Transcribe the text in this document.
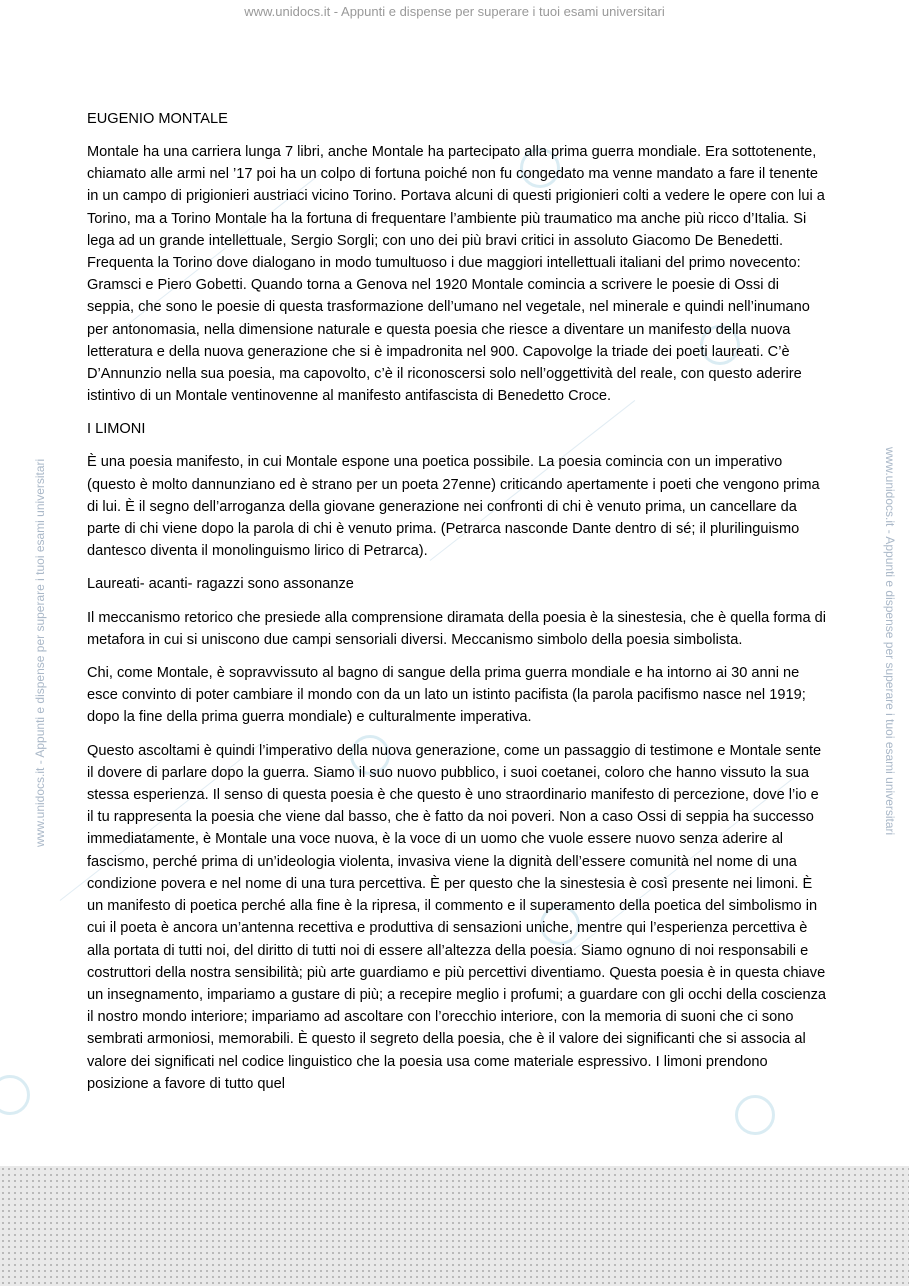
www.unidocs.it - Appunti e dispense per superare i tuoi esami universitari
www.unidocs.it - Appunti e dispense per superare i tuoi esami universitari	www.unidocs.it - Appunti e dispense per superare i tuoi esami universitari
EUGENIO MONTALE

Montale ha una carriera lunga 7 libri, anche Montale ha partecipato alla prima guerra mondiale. Era sottotenente, chiamato alle armi nel ’17 poi ha un colpo di fortuna poiché non fu congedato ma venne mandato a fare il tenente in un campo di prigionieri austriaci vicino Torino. Portava alcuni di questi prigionieri colti a vedere le opere con lui a Torino, ma a Torino Montale ha la fortuna di frequentare l’ambiente più traumatico ma anche più ricco d’Italia. Si lega ad un grande intellettuale, Sergio Sorgli; con uno dei più bravi critici in assoluto Giacomo De Benedetti. Frequenta la Torino dove dialogano in modo tumultuoso i due maggiori intellettuali italiani del primo novecento: Gramsci e Piero Gobetti. Quando torna a Genova nel 1920 Montale comincia a scrivere le poesie di Ossi di seppia, che sono le poesie di questa trasformazione dell’umano nel vegetale, nel minerale e quindi nell’inumano per antonomasia, nella dimensione naturale e questa poesia che riesce a diventare un manifesto della nuova letteratura e della nuova generazione che si è impadronita nel 900. Capovolge la triade dei poeti laureati. C’è D’Annunzio nella sua poesia, ma capovolto, c’è il riconoscersi solo nell’oggettività del reale, con questo aderire istintivo di un Montale ventinovenne al manifesto antifascista di Benedetto Croce.

I LIMONI

È una poesia manifesto, in cui Montale espone una poetica possibile. La poesia comincia con un imperativo (questo è molto dannunziano ed è strano per un poeta 27enne) criticando apertamente i poeti che vengono prima di lui. È il segno dell’arroganza della giovane generazione nei confronti di chi è venuto prima, un cancellare da parte di chi viene dopo la parola di chi è venuto prima. (Petrarca nasconde Dante dentro di sé; il plurilinguismo dantesco diventa il monolinguismo lirico di Petrarca).

Laureati- acanti- ragazzi sono assonanze

Il meccanismo retorico che presiede alla comprensione diramata della poesia è la sinestesia, che è quella forma di metafora in cui si uniscono due campi sensoriali diversi. Meccanismo simbolo della poesia simbolista.

Chi, come Montale, è sopravvissuto al bagno di sangue della prima guerra mondiale e ha intorno ai 30 anni ne esce convinto di poter cambiare il mondo con da un lato un istinto pacifista (la parola pacifismo nasce nel 1919; dopo la fine della prima guerra mondiale) e culturalmente imperativa.

Questo ascoltami è quindi l’imperativo della nuova generazione, come un passaggio di testimone e Montale sente il dovere di parlare dopo la guerra. Siamo il suo nuovo pubblico, i suoi coetanei, coloro che hanno vissuto la sua stessa esperienza. Il senso di questa poesia è che questo è uno straordinario manifesto di percezione, dove l’io e il tu rappresenta la poesia che viene dal basso, che è fatto da noi poveri. Non a caso Ossi di seppia ha successo immediatamente, è Montale una voce nuova, è la voce di un uomo che vuole essere nuovo senza aderire al fascismo, perché prima di un’ideologia violenta, invasiva viene la dignità dell’essere comunità nel nome di una condizione povera e nel nome di una tura percettiva. È per questo che la sinestesia è così presente nei limoni. È un manifesto di poetica perché alla fine è la ripresa, il commento e il superamento della poetica del simbolismo in cui il poeta è ancora un’antenna recettiva e produttiva di sensazioni uniche, mentre qui l’esperienza percettiva è alla portata di tutti noi, del diritto di tutti noi di essere all’altezza della poesia. Siamo ognuno di noi responsabili e costruttori della nostra sensibilità; più arte guardiamo e più percettivi diventiamo. Questa poesia è in questa chiave un insegnamento, impariamo a gustare di più; a recepire meglio i profumi; a guardare con gli occhi della coscienza il nostro mondo interiore; impariamo ad ascoltare con l’orecchio interiore, con la memoria di suoni che ci sono sembrati armoniosi, memorabili. È questo il segreto della poesia, che è il valore dei significanti che si associa al valore dei significati nel codice linguistico che la poesia usa come materiale espressivo. I limoni prendono posizione a favore di tutto quel
